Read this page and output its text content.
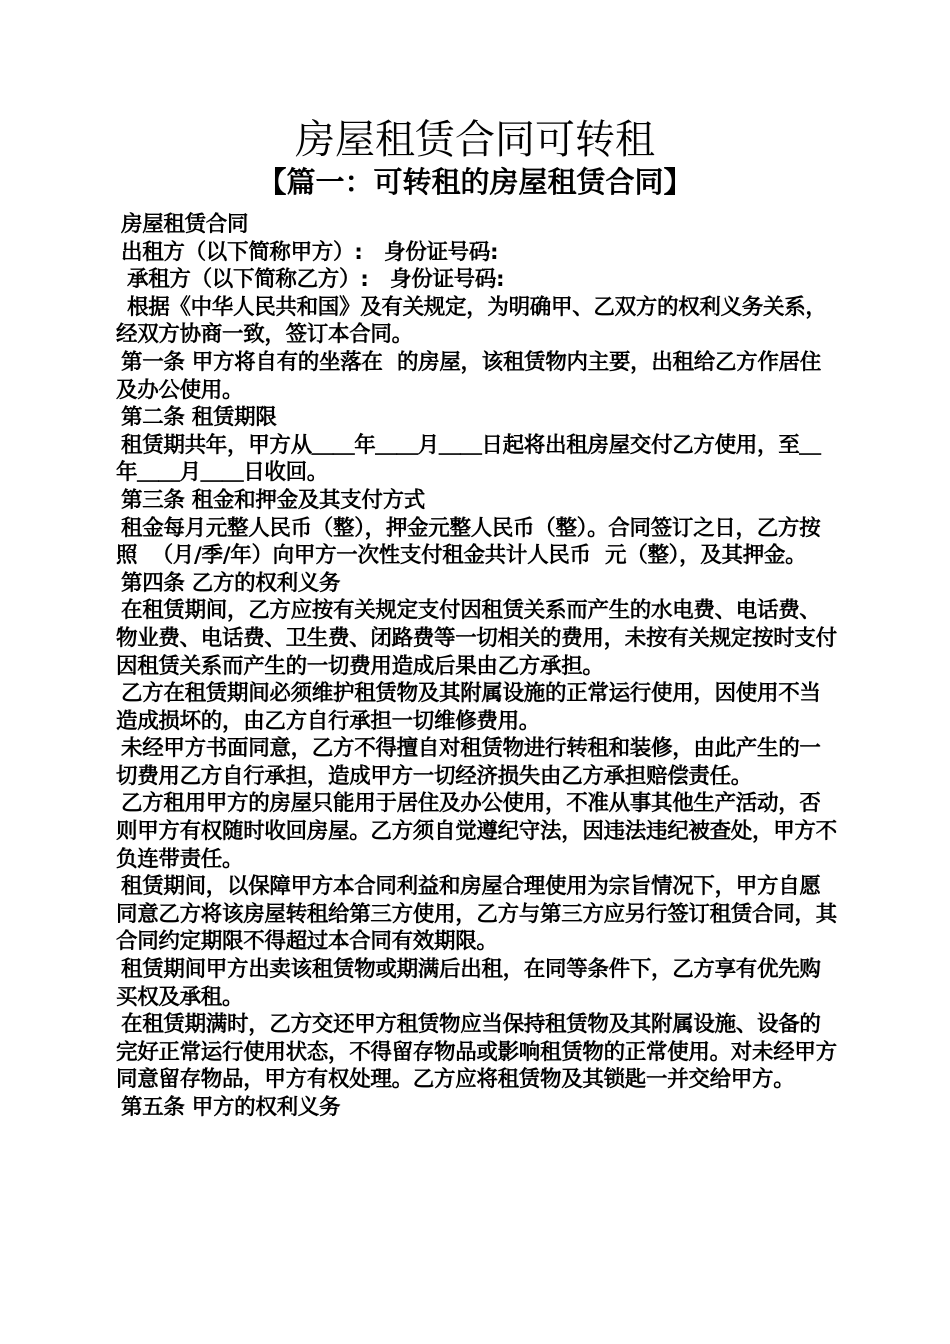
房屋租赁合同可转租
【篇一：可转租的房屋租赁合同】

房屋租赁合同

出租方（以下简称甲方）:   身份证号码:

承租方（以下简称乙方）:   身份证号码:

根据《中华人民共和国》及有关规定，为明确甲、乙双方的权利义务关系，经双方协商一致，签订本合同。

第一条 甲方将自有的坐落在  的房屋，该租赁物内主要，出租给乙方作居住及办公使用。

第二条 租赁期限

租赁期共年，甲方从＿＿年＿＿月＿＿日起将出租房屋交付乙方使用，至＿年＿＿月＿＿日收回。

第三条 租金和押金及其支付方式

租金每月元整人民币（整），押金元整人民币（整）。合同签订之日，乙方按照  （月/季/年）向甲方一次性支付租金共计人民币  元（整），及其押金。

第四条 乙方的权利义务

在租赁期间，乙方应按有关规定支付因租赁关系而产生的水电费、电话费、物业费、电话费、卫生费、闭路费等一切相关的费用，未按有关规定按时支付因租赁关系而产生的一切费用造成后果由乙方承担。

乙方在租赁期间必须维护租赁物及其附属设施的正常运行使用，因使用不当造成损坏的，由乙方自行承担一切维修费用。

未经甲方书面同意，乙方不得擅自对租赁物进行转租和装修，由此产生的一切费用乙方自行承担，造成甲方一切经济损失由乙方承担赔偿责任。

乙方租用甲方的房屋只能用于居住及办公使用，不准从事其他生产活动，否则甲方有权随时收回房屋。乙方须自觉遵纪守法，因违法违纪被查处，甲方不负连带责任。

租赁期间，以保障甲方本合同利益和房屋合理使用为宗旨情况下，甲方自愿同意乙方将该房屋转租给第三方使用，乙方与第三方应另行签订租赁合同，其合同约定期限不得超过本合同有效期限。

租赁期间甲方出卖该租赁物或期满后出租，在同等条件下，乙方享有优先购买权及承租。

在租赁期满时，乙方交还甲方租赁物应当保持租赁物及其附属设施、设备的完好正常运行使用状态，不得留存物品或影响租赁物的正常使用。对未经甲方同意留存物品，甲方有权处理。乙方应将租赁物及其锁匙一并交给甲方。

第五条 甲方的权利义务
